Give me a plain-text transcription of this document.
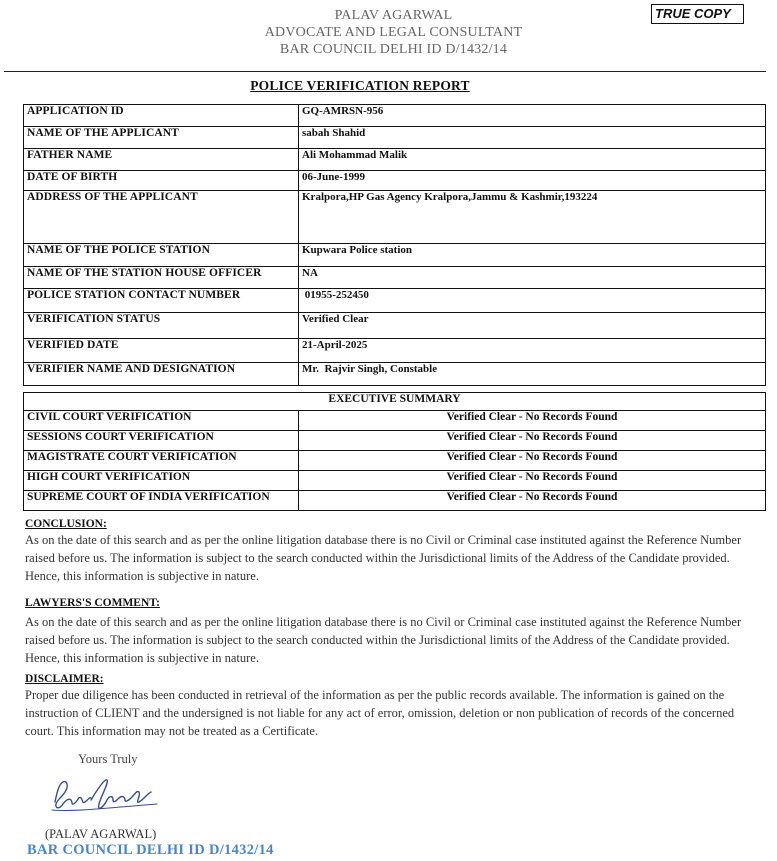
PALAV AGARWAL
ADVOCATE AND LEGAL CONSULTANT
BAR COUNCIL DELHI ID D/1432/14
TRUE COPY
POLICE VERIFICATION REPORT
APPLICATION ID	GQ-AMRSN-956
NAME OF THE APPLICANT	sabah Shahid
FATHER NAME	Ali Mohammad Malik
DATE OF BIRTH	06-June-1999
ADDRESS OF THE APPLICANT	Kralpora,HP Gas Agency Kralpora,Jammu & Kashmir,193224
NAME OF THE POLICE STATION	Kupwara Police station
NAME OF THE STATION HOUSE OFFICER	NA
POLICE STATION CONTACT NUMBER	01955-252450
VERIFICATION STATUS	Verified Clear
VERIFIED DATE	21-April-2025
VERIFIER NAME AND DESIGNATION	Mr.  Rajvir Singh, Constable
EXECUTIVE SUMMARY	
CIVIL COURT VERIFICATION	Verified Clear - No Records Found
SESSIONS COURT VERIFICATION	Verified Clear - No Records Found
MAGISTRATE COURT VERIFICATION	Verified Clear - No Records Found
HIGH COURT VERIFICATION	Verified Clear - No Records Found
SUPREME COURT OF INDIA VERIFICATION	Verified Clear - No Records Found
CONCLUSION:
As on the date of this search and as per the online litigation database there is no Civil or Criminal case instituted against the Reference Number raised before us. The information is subject to the search conducted within the Jurisdictional limits of the Address of the Candidate provided. Hence, this information is subjective in nature.
LAWYERS'S COMMENT:
As on the date of this search and as per the online litigation database there is no Civil or Criminal case instituted against the Reference Number raised before us. The information is subject to the search conducted within the Jurisdictional limits of the Address of the Candidate provided. Hence, this information is subjective in nature.
DISCLAIMER:
Proper due diligence has been conducted in retrieval of the information as per the public records available. The information is gained on the instruction of CLIENT and the undersigned is not liable for any act of error, omission, deletion or non publication of records of the concerned court. This information may not be treated as a Certificate.
Yours Truly
(PALAV AGARWAL)
BAR COUNCIL DELHI ID D/1432/14
